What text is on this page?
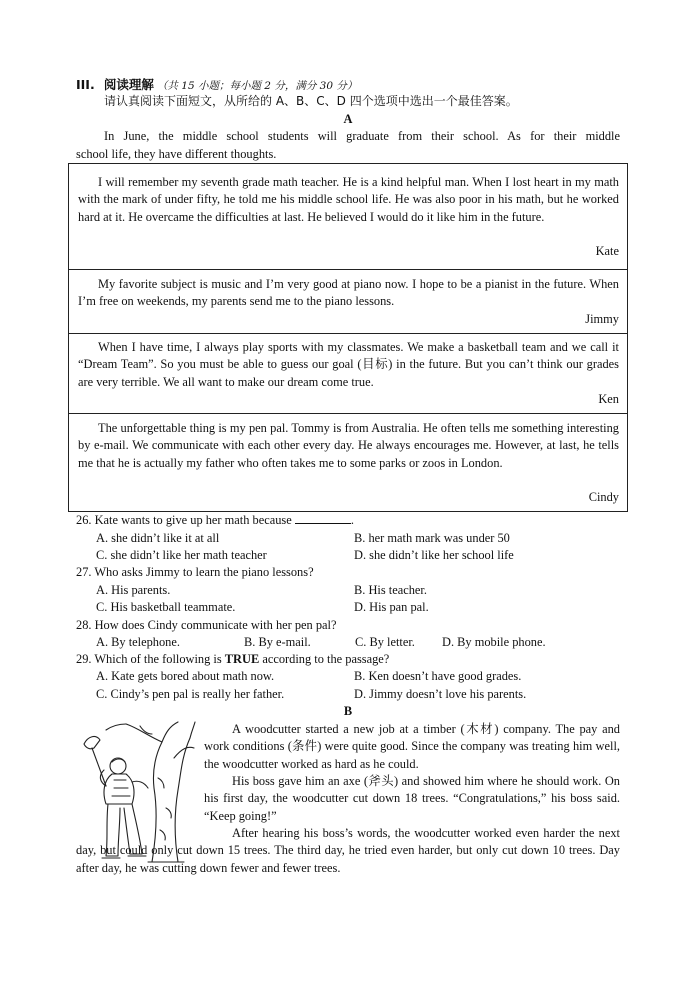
III. 阅读理解 （共 15 小题；每小题 2 分，满分 30 分）
请认真阅读下面短文，从所给的 A、B、C、D 四个选项中选出一个最佳答案。
A
In June, the middle school students will graduate from their school. As for their middle
school life, they have different thoughts.
I will remember my seventh grade math teacher. He is a kind helpful man. When I lost heart in my math with the mark of under fifty, he told me his middle school life. He was also poor in his math, but he worked hard at it. He overcame the difficulties at last. He believed I would do it like him in the future.
Kate
My favorite subject is music and I’m very good at piano now. I hope to be a pianist in the future. When I’m free on weekends, my parents send me to the piano lessons.
Jimmy
When I have time, I always play sports with my classmates. We make a basketball team and we call it “Dream Team”. So you must be able to guess our goal (目标) in the future. But you can’t think our grades are very terrible. We all want to make our dream come true.
Ken
The unforgettable thing is my pen pal. Tommy is from Australia. He often tells me something interesting by e-mail. We communicate with each other every day. He always encourages me. However, at last, he tells me that he is actually my father who often takes me to some parks or zoos in London.
Cindy
26. Kate wants to give up her math because	.
A. she didn’t like it at all	B. her math mark was under 50
C. she didn’t like her math teacher	D. she didn’t like her school life
27. Who asks Jimmy to learn the piano lessons?
A. His parents.	B. His teacher.
C. His basketball teammate.	D. His pan pal.
28. How does Cindy communicate with her pen pal?
A. By telephone.	B. By e-mail.	C. By letter. D. By mobile phone.
29. Which of the following is TRUE according to the passage?
A. Kate gets bored about math now.	B. Ken doesn’t have good grades.
C. Cindy’s pen pal is really her father.	D. Jimmy doesn’t love his parents.
B
A woodcutter started a new job at a timber (木材) company. The pay and work conditions (条件) were quite good. Since the company was treating him well, the woodcutter worked as hard as he could.
His boss gave him an axe (斧头) and showed him where he should work. On his first day, the woodcutter cut down 18 trees. “Congratulations,” his boss said. “Keep going!”
After hearing his boss’s words, the woodcutter worked even harder the next day, but could only cut down 15 trees. The third day, he tried even harder, but only cut down 10 trees. Day after day, he was cutting down fewer and fewer trees.
